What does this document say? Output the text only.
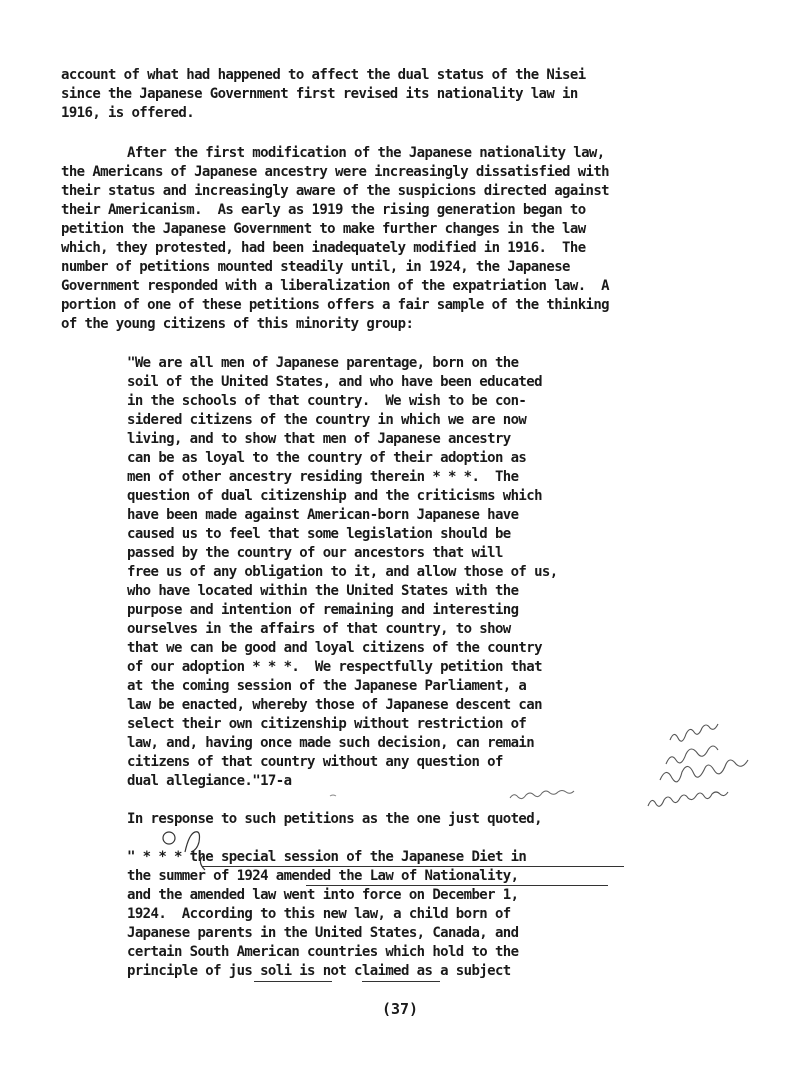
account of what had happened to affect the dual status of the Nisei
since the Japanese Government first revised its nationality law in
1916, is offered.
After the first modification of the Japanese nationality law,
the Americans of Japanese ancestry were increasingly dissatisfied with
their status and increasingly aware of the suspicions directed against
their Americanism.  As early as 1919 the rising generation began to
petition the Japanese Government to make further changes in the law
which, they protested, had been inadequately modified in 1916.  The
number of petitions mounted steadily until, in 1924, the Japanese
Government responded with a liberalization of the expatriation law.  A
portion of one of these petitions offers a fair sample of the thinking
of the young citizens of this minority group:
"We are all men of Japanese parentage, born on the
soil of the United States, and who have been educated
in the schools of that country.  We wish to be con-
sidered citizens of the country in which we are now
living, and to show that men of Japanese ancestry
can be as loyal to the country of their adoption as
men of other ancestry residing therein * * *.  The
question of dual citizenship and the criticisms which
have been made against American-born Japanese have
caused us to feel that some legislation should be
passed by the country of our ancestors that will
free us of any obligation to it, and allow those of us,
who have located within the United States with the
purpose and intention of remaining and interesting
ourselves in the affairs of that country, to show
that we can be good and loyal citizens of the country
of our adoption * * *.  We respectfully petition that
at the coming session of the Japanese Parliament, a
law be enacted, whereby those of Japanese descent can
select their own citizenship without restriction of
law, and, having once made such decision, can remain
citizens of that country without any question of
dual allegiance."17-a
In response to such petitions as the one just quoted,
" * * * the special session of the Japanese Diet in
the summer of 1924 amended the Law of Nationality,
and the amended law went into force on December 1,
1924.  According to this new law, a child born of
Japanese parents in the United States, Canada, and
certain South American countries which hold to the
principle of jus soli is not claimed as a subject
(37)
